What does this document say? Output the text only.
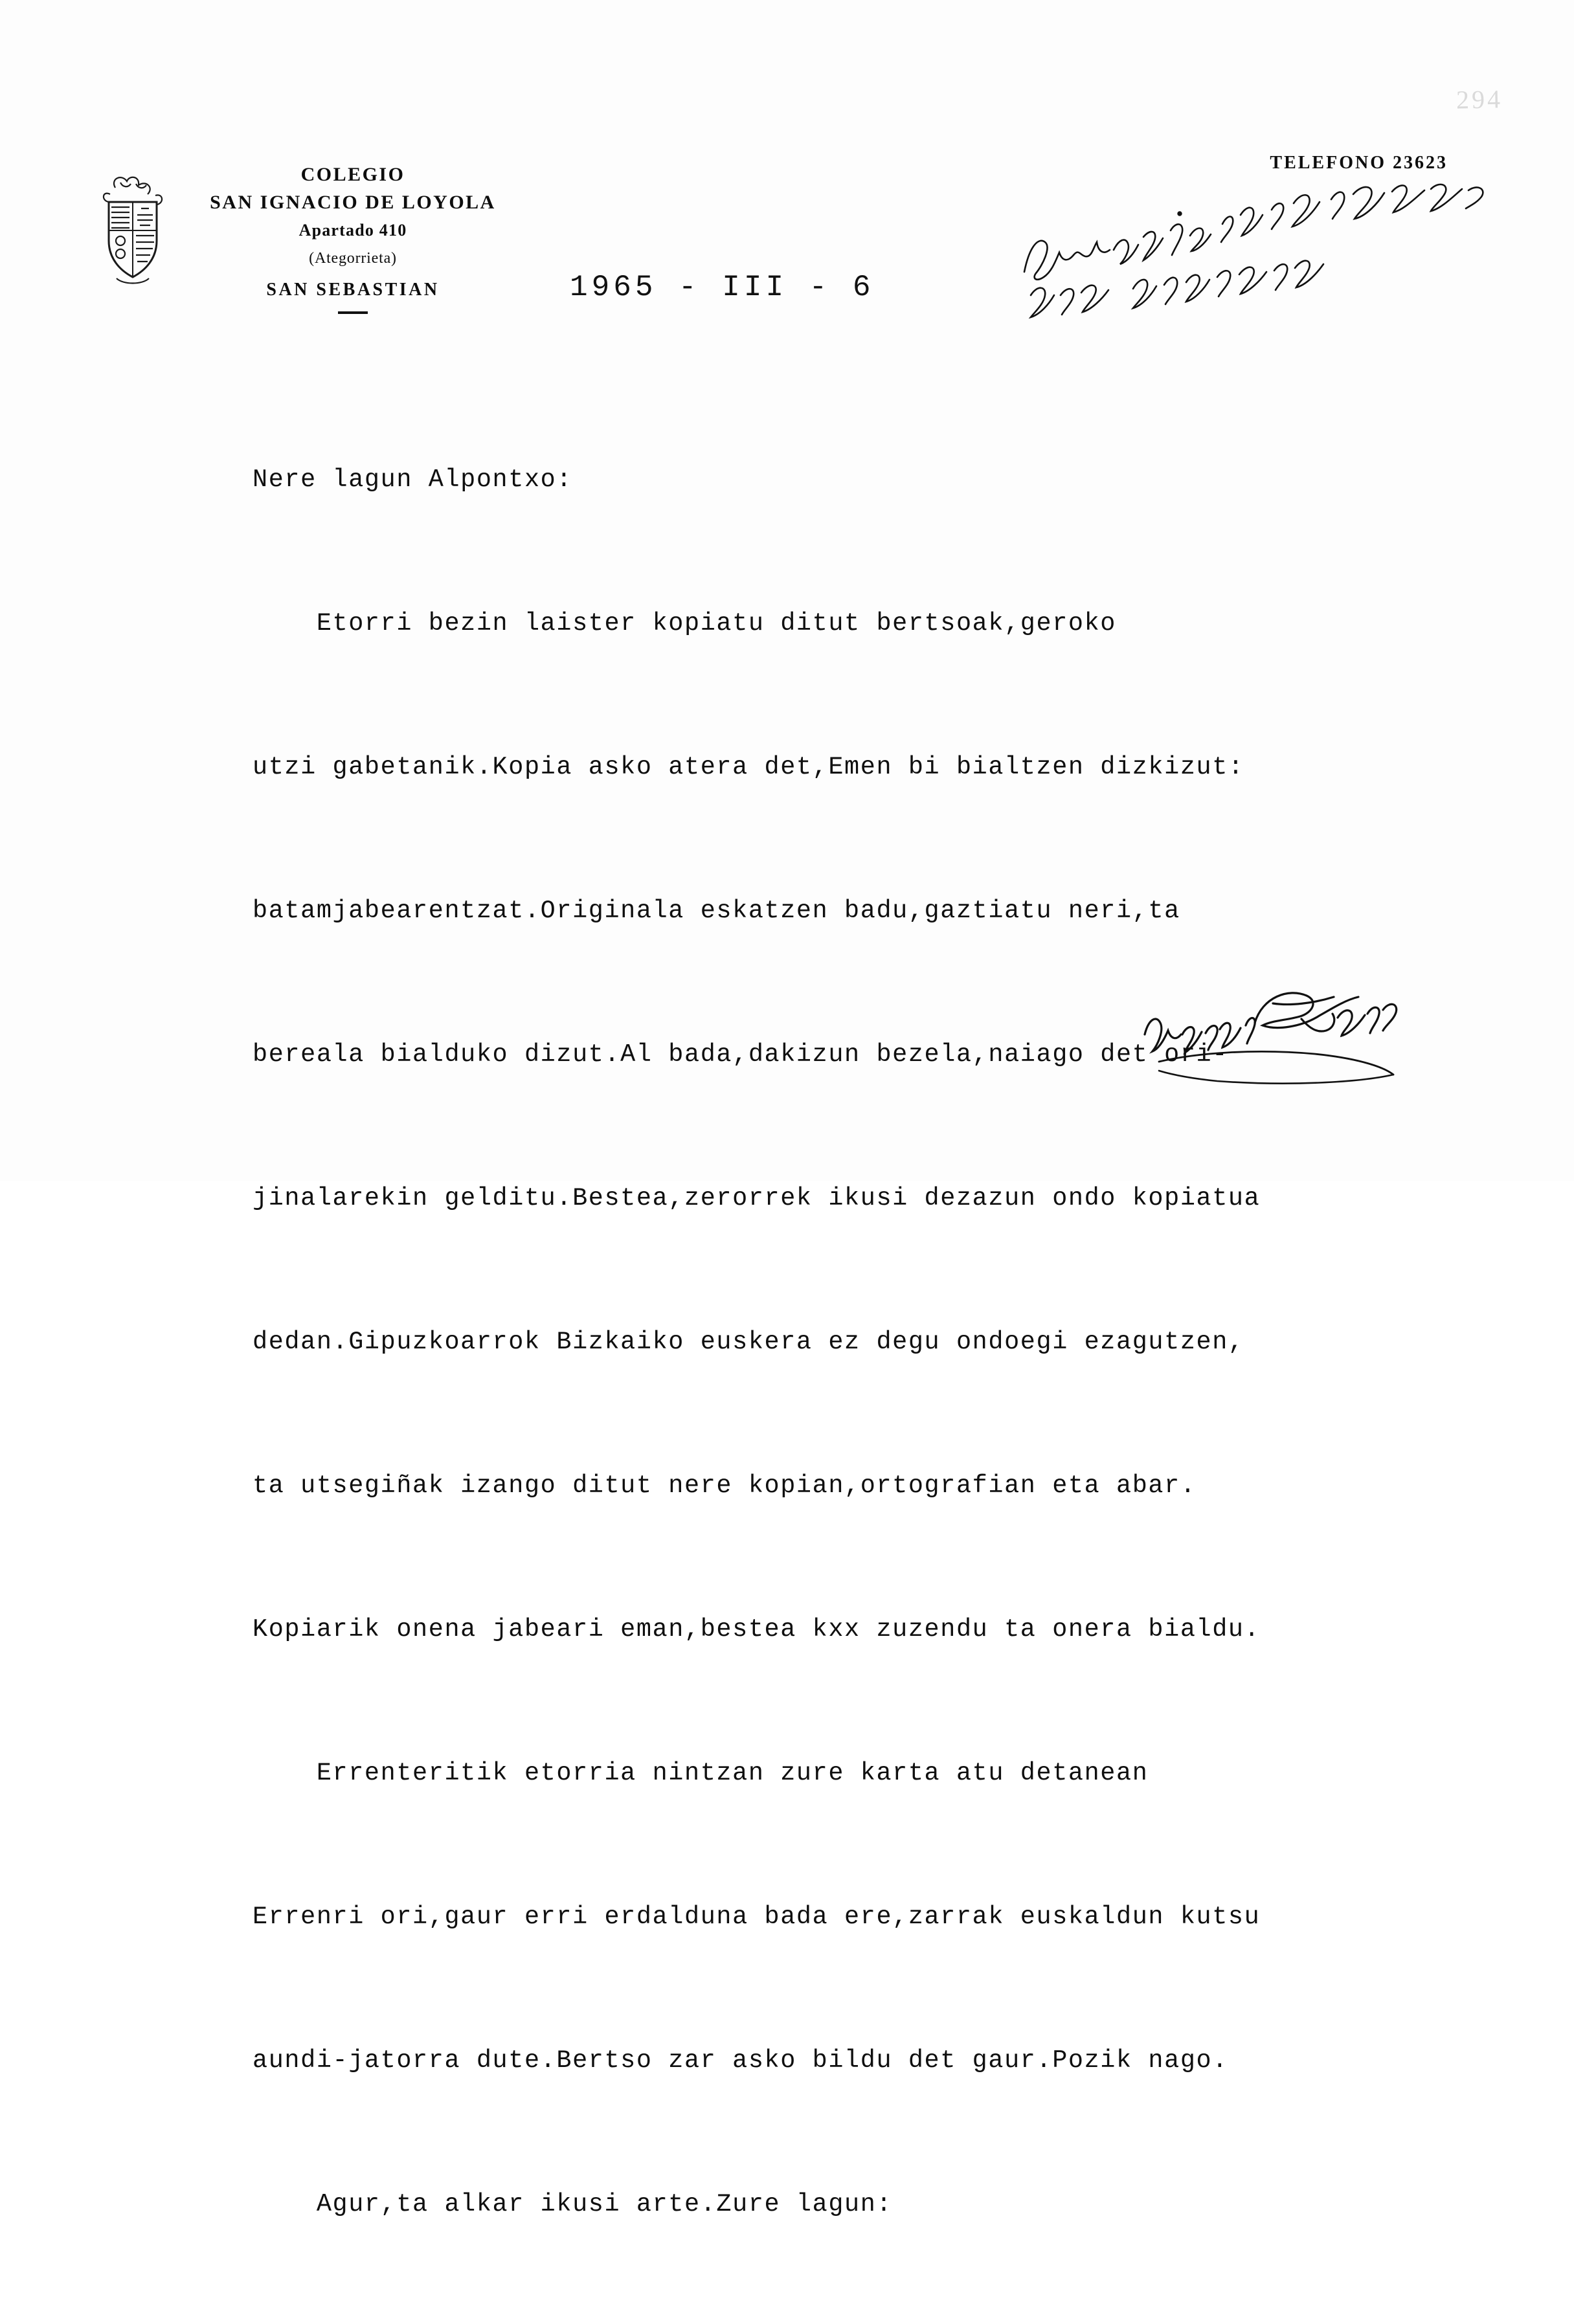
294
COLEGIO
SAN IGNACIO DE LOYOLA
Apartado 410
(Ategorrieta)
SAN SEBASTIAN
TELEFONO 23623
1965 - III - 6

Nere lagun Alpontxo:

Etorri bezin laister kopiatu ditut bertsoak,geroko

utzi gabetanik.Kopia asko atera det,Emen bi bialtzen dizkizut:

batamjabearentzat.Originala eskatzen badu,gaztiatu neri,ta

bereala bialduko dizut.Al bada,dakizun bezela,naiago det ori-

jinalarekin gelditu.Bestea,zerorrek ikusi dezazun ondo kopiatua

dedan.Gipuzkoarrok Bizkaiko euskera ez degu ondoegi ezagutzen,

ta utsegiñak izango ditut nere kopian,ortografian eta abar.

Kopiarik onena jabeari eman,bestea kxx zuzendu ta onera bialdu.

Errenteritik etorria nintzan zure karta atu detanean

Errenri ori,gaur erri erdalduna bada ere,zarrak euskaldun kutsu

aundi-jatorra dute.Bertso zar asko bildu det gaur.Pozik nago.

Agur,ta alkar ikusi arte.Zure lagun:
